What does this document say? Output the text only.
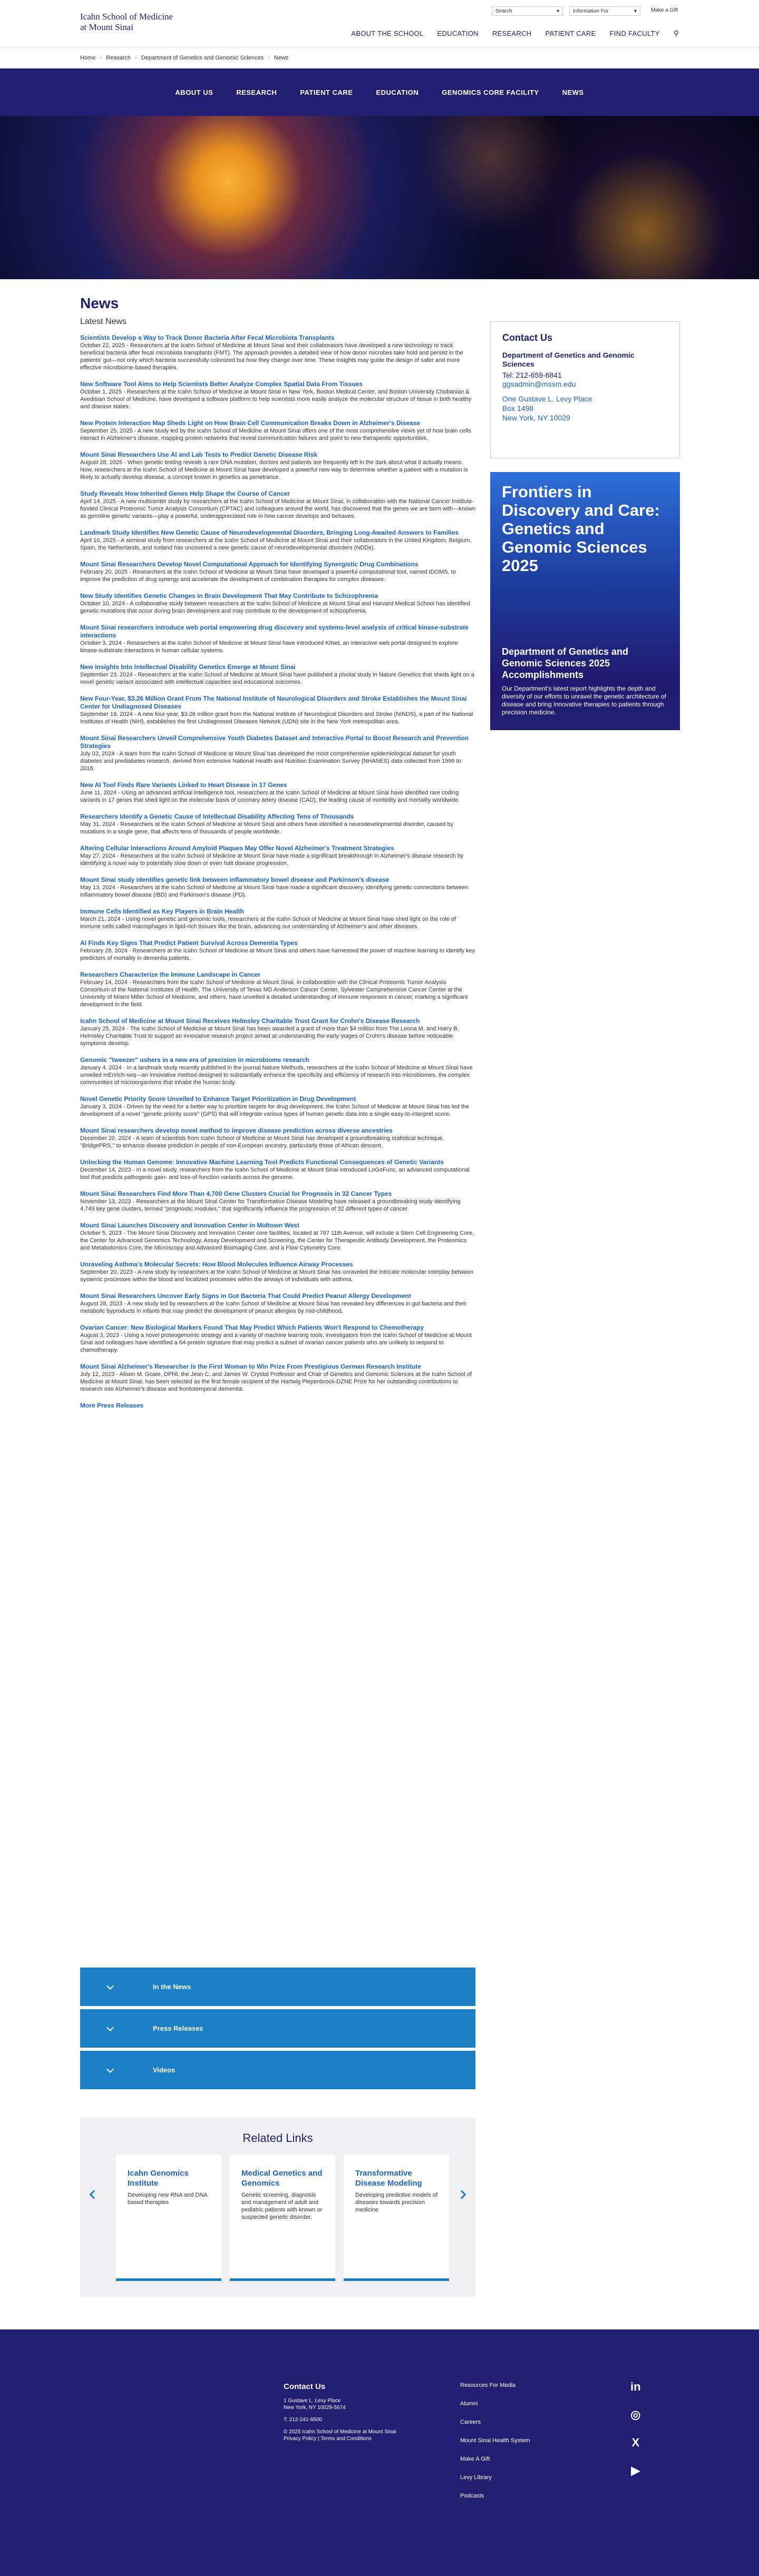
Icahn School of Medicine
at Mount Sinai
Search	▾	Information For	▾	Make a Gift
ABOUT THE SCHOOL EDUCATION RESEARCH PATIENT CARE FIND FACULTY ⚲
Home › Research › Department of Genetics and Genomic Sciences › News
ABOUT US	RESEARCH	PATIENT CARE	EDUCATION	GENOMICS CORE FACILITY	NEWS
News
Latest News
Scientists Develop a Way to Track Donor Bacteria After Fecal Microbiota Transplants
October 22, 2025 - Researchers at the Icahn School of Medicine at Mount Sinai and their collaborators have developed a new technology to track beneficial bacteria after fecal microbiota transplants (FMT). The approach provides a detailed view of how donor microbes take hold and persist in the patients' gut—not only which bacteria successfully colonized but how they change over time. These insights may guide the design of safer and more effective microbiome-based therapies.
New Software Tool Aims to Help Scientists Better Analyze Complex Spatial Data From Tissues
October 1, 2025 - Researchers at the Icahn School of Medicine at Mount Sinai in New York, Boston Medical Center, and Boston University Chobanian & Avedisian School of Medicine, have developed a software platform to help scientists more easily analyze the molecular structure of tissue in both healthy and disease states.
New Protein Interaction Map Sheds Light on How Brain Cell Communication Breaks Down in Alzheimer's Disease
September 25, 2025 - A new study led by the Icahn School of Medicine at Mount Sinai offers one of the most comprehensive views yet of how brain cells interact in Alzheimer's disease, mapping protein networks that reveal communication failures and point to new therapeutic opportunities.
Mount Sinai Researchers Use AI and Lab Tests to Predict Genetic Disease Risk
August 28, 2025 - When genetic testing reveals a rare DNA mutation, doctors and patients are frequently left in the dark about what it actually means. Now, researchers at the Icahn School of Medicine at Mount Sinai have developed a powerful new way to determine whether a patient with a mutation is likely to actually develop disease, a concept known in genetics as penetrance.
Study Reveals How Inherited Genes Help Shape the Course of Cancer
April 14, 2025 - A new multicenter study by researchers at the Icahn School of Medicine at Mount Sinai, in collaboration with the National Cancer Institute-funded Clinical Proteomic Tumor Analysis Consortium (CPTAC) and colleagues around the world, has discovered that the genes we are born with—known as germline genetic variants—play a powerful, underappreciated role in how cancer develops and behaves.
Landmark Study Identifies New Genetic Cause of Neurodevelopmental Disorders, Bringing Long-Awaited Answers to Families
April 10, 2025 - A seminal study from researchers at the Icahn School of Medicine at Mount Sinai and their collaborators in the United Kingdom, Belgium, Spain, the Netherlands, and Iceland has uncovered a new genetic cause of neurodevelopmental disorders (NDDs).
Mount Sinai Researchers Develop Novel Computational Approach for Identifying Synergistic Drug Combinations
February 20, 2025 - Researchers at the Icahn School of Medicine at Mount Sinai have developed a powerful computational tool, named IDOMS, to improve the prediction of drug synergy and accelerate the development of combination therapies for complex diseases.
New Study Identifies Genetic Changes in Brain Development That May Contribute to Schizophrenia
October 10, 2024 - A collaborative study between researchers at the Icahn School of Medicine at Mount Sinai and Harvard Medical School has identified genetic mutations that occur during brain development and may contribute to the development of schizophrenia.
Mount Sinai researchers introduce web portal empowering drug discovery and systems-level analysis of critical kinase-substrate interactions
October 3, 2024 - Researchers at the Icahn School of Medicine at Mount Sinai have introduced KiNet, an interactive web portal designed to explore kinase-substrate interactions in human cellular systems.
New Insights Into Intellectual Disability Genetics Emerge at Mount Sinai
September 23, 2024 - Researchers at the Icahn School of Medicine at Mount Sinai have published a pivotal study in Nature Genetics that sheds light on a novel genetic variant associated with intellectual capacities and educational outcomes.
New Four-Year, $3.26 Million Grant From The National Institute of Neurological Disorders and Stroke Establishes the Mount Sinai Center for Undiagnosed Diseases
September 19, 2024 - A new four-year, $3.26 million grant from the National Institute of Neurological Disorders and Stroke (NINDS), a part of the National Institutes of Health (NIH), establishes the first Undiagnosed Diseases Network (UDN) site in the New York metropolitan area.
Mount Sinai Researchers Unveil Comprehensive Youth Diabetes Dataset and Interactive Portal to Boost Research and Prevention Strategies
July 02, 2024 - A team from the Icahn School of Medicine at Mount Sinai has developed the most comprehensive epidemiological dataset for youth diabetes and prediabetes research, derived from extensive National Health and Nutrition Examination Survey (NHANES) data collected from 1999 to 2018.
New AI Tool Finds Rare Variants Linked to Heart Disease in 17 Genes
June 11, 2024 - Using an advanced artificial intelligence tool, researchers at the Icahn School of Medicine at Mount Sinai have identified rare coding variants in 17 genes that shed light on the molecular basis of coronary artery disease (CAD), the leading cause of morbidity and mortality worldwide.
Researchers Identify a Genetic Cause of Intellectual Disability Affecting Tens of Thousands
May 31, 2024 - Researchers at the Icahn School of Medicine at Mount Sinai and others have identified a neurodevelopmental disorder, caused by mutations in a single gene, that affects tens of thousands of people worldwide.
Altering Cellular Interactions Around Amyloid Plaques May Offer Novel Alzheimer's Treatment Strategies
May 27, 2024 - Researchers at the Icahn School of Medicine at Mount Sinai have made a significant breakthrough in Alzheimer's disease research by identifying a novel way to potentially slow down or even halt disease progression.
Mount Sinai study identifies genetic link between inflammatory bowel disease and Parkinson's disease
May 13, 2024 - Researchers at the Icahn School of Medicine at Mount Sinai have made a significant discovery, identifying genetic connections between inflammatory bowel disease (IBD) and Parkinson's disease (PD).
Immune Cells Identified as Key Players in Brain Health
March 21, 2024 - Using novel genetic and genomic tools, researchers at the Icahn School of Medicine at Mount Sinai have shed light on the role of immune cells called macrophages in lipid-rich tissues like the brain, advancing our understanding of Alzheimer's and other diseases.
AI Finds Key Signs That Predict Patient Survival Across Dementia Types
February 28, 2024 - Researchers at the Icahn School of Medicine at Mount Sinai and others have harnessed the power of machine learning to identify key predictors of mortality in dementia patients.
Researchers Characterize the Immune Landscape in Cancer
February 14, 2024 - Researchers from the Icahn School of Medicine at Mount Sinai, in collaboration with the Clinical Proteomic Tumor Analysis Consortium of the National Institutes of Health, The University of Texas MD Anderson Cancer Center, Sylvester Comprehensive Cancer Center at the University of Miami Miller School of Medicine, and others, have unveiled a detailed understanding of immune responses in cancer, marking a significant development in the field.
Icahn School of Medicine at Mount Sinai Receives Helmsley Charitable Trust Grant for Crohn's Disease Research
January 25, 2024 - The Icahn School of Medicine at Mount Sinai has been awarded a grant of more than $4 million from The Leona M. and Harry B. Helmsley Charitable Trust to support an innovative research project aimed at understanding the early stages of Crohn's disease before noticeable symptoms develop.
Genomic "tweezer" ushers in a new era of precision in microbiome research
January 4, 2024 - In a landmark study recently published in the journal Nature Methods, researchers at the Icahn School of Medicine at Mount Sinai have unveiled mEnrich-seq—an innovative method designed to substantially enhance the specificity and efficiency of research into microbiomes, the complex communities of microorganisms that inhabit the human body.
Novel Genetic Priority Score Unveiled to Enhance Target Prioritization in Drug Development
January 3, 2024 - Driven by the need for a better way to prioritize targets for drug development, the Icahn School of Medicine at Mount Sinai has led the development of a novel "genetic priority score" (GPS) that will integrate various types of human genetic data into a single easy-to-interpret score.
Mount Sinai researchers develop novel method to improve disease prediction across diverse ancestries
December 20, 2024 - A team of scientists from Icahn School of Medicine at Mount Sinai has developed a groundbreaking statistical technique, "BridgePRS," to enhance disease prediction in people of non-European ancestry, particularly those of African descent.
Unlocking the Human Genome: Innovative Machine Learning Tool Predicts Functional Consequences of Genetic Variants
December 14, 2023 - In a novel study, researchers from the Icahn School of Medicine at Mount Sinai introduced LoGoFunc, an advanced computational tool that predicts pathogenic gain- and loss-of-function variants across the genome.
Mount Sinai Researchers Find More Than 4,700 Gene Clusters Crucial for Prognosis in 32 Cancer Types
November 13, 2023 - Researchers at the Mount Sinai Center for Transformative Disease Modeling have released a groundbreaking study identifying 4,749 key gene clusters, termed "prognostic modules," that significantly influence the progression of 32 different types of cancer.
Mount Sinai Launches Discovery and Innovation Center in Midtown West
October 5, 2023 - The Mount Sinai Discovery and Innovation Center core facilities, located at 787 11th Avenue, will include a Stem Cell Engineering Core, the Center for Advanced Genomics Technology, Assay Development and Screening, the Center for Therapeutic Antibody Development, the Proteomics and Metabolomics Core, the Microscopy and Advanced Bioimaging Core, and a Flow Cytometry Core.
Unraveling Asthma's Molecular Secrets: How Blood Molecules Influence Airway Processes
September 20, 2023 - A new study by researchers at the Icahn School of Medicine at Mount Sinai has unraveled the intricate molecular interplay between systemic processes within the blood and localized processes within the airways of individuals with asthma.
Mount Sinai Researchers Uncover Early Signs in Gut Bacteria That Could Predict Peanut Allergy Development
August 28, 2023 - A new study led by researchers at the Icahn School of Medicine at Mount Sinai has revealed key differences in gut bacteria and their metabolic byproducts in infants that may predict the development of peanut allergies by mid-childhood.
Ovarian Cancer: New Biological Markers Found That May Predict Which Patients Won't Respond to Chemotherapy
August 3, 2023 - Using a novel proteogenomic strategy and a variety of machine learning tools, investigators from the Icahn School of Medicine at Mount Sinai and colleagues have identified a 64-protein signature that may predict a subset of ovarian cancer patients who are unlikely to respond to chemotherapy.
Mount Sinai Alzheimer's Researcher Is the First Woman to Win Prize From Prestigious German Research Institute
July 12, 2023 - Alison M. Goate, DPhil, the Jean C. and James W. Crystal Professor and Chair of Genetics and Genomic Sciences at the Icahn School of Medicine at Mount Sinai, has been selected as the first female recipient of the Hartwig Piepenbrock-DZNE Prize for her outstanding contributions to research into Alzheimer's disease and frontotemporal dementia.
More Press Releases
In the News
Press Releases
Videos
Related Links
Icahn Genomics Institute
Developing new RNA and DNA based therapies
Medical Genetics and Genomics
Genetic screening, diagnosis and management of adult and pediatric patients with known or suspected genetic disorder.
Transformative Disease Modeling
Developing predictive models of diseases towards precision medicine
Contact Us
Department of Genetics and Genomic Sciences
Tel: 212-659-6841
ggsadmin@mssm.edu
One Gustave L. Levy Place
Box 1498
New York, NY 10029
Frontiers in Discovery and Care: Genetics and Genomic Sciences 2025
Department of Genetics and Genomic Sciences 2025 Accomplishments
Our Department's latest report highlights the depth and diversity of our efforts to unravel the genetic architecture of disease and bring innovative therapies to patients through precision medicine.
Contact Us
1 Gustave L. Levy Place
New York, NY 10029-5674
T: 212-241-6500
© 2025 Icahn School of Medicine at Mount Sinai
Privacy Policy | Terms and Conditions
Resources For Media
Alumni
Careers
Mount Sinai Health System
Make A Gift
Levy Library
Podcasts
in
◎
X
▶
